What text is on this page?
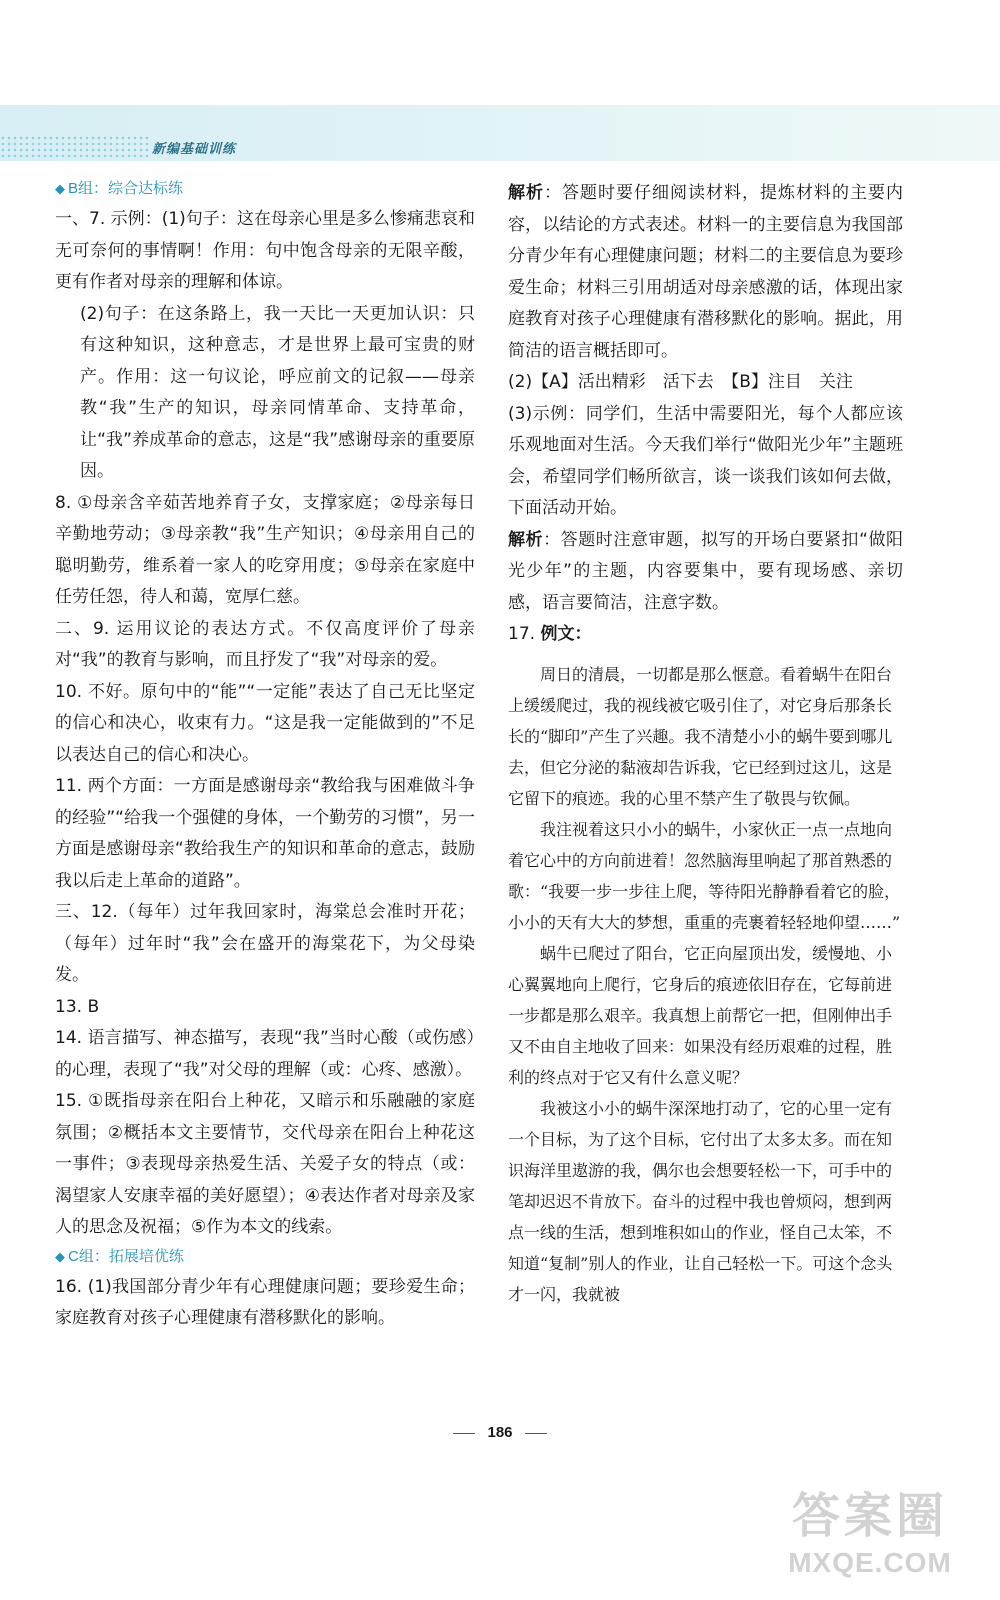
新编基础训练
◆ B组：综合达标练

一、7. 示例：(1)句子：这在母亲心里是多么惨痛悲哀和无可奈何的事情啊！作用：句中饱含母亲的无限辛酸，更有作者对母亲的理解和体谅。

(2)句子：在这条路上，我一天比一天更加认识：只有这种知识，这种意志，才是世界上最可宝贵的财产。作用：这一句议论，呼应前文的记叙——母亲教“我”生产的知识，母亲同情革命、支持革命，让“我”养成革命的意志，这是“我”感谢母亲的重要原因。

8. ①母亲含辛茹苦地养育子女，支撑家庭；②母亲每日辛勤地劳动；③母亲教“我”生产知识；④母亲用自己的聪明勤劳，维系着一家人的吃穿用度；⑤母亲在家庭中任劳任怨，待人和蔼，宽厚仁慈。

二、9. 运用议论的表达方式。不仅高度评价了母亲对“我”的教育与影响，而且抒发了“我”对母亲的爱。

10. 不好。原句中的“能”“一定能”表达了自己无比坚定的信心和决心，收束有力。“这是我一定能做到的”不足以表达自己的信心和决心。

11. 两个方面：一方面是感谢母亲“教给我与困难做斗争的经验”“给我一个强健的身体，一个勤劳的习惯”，另一方面是感谢母亲“教给我生产的知识和革命的意志，鼓励我以后走上革命的道路”。

三、12.（每年）过年我回家时，海棠总会准时开花；（每年）过年时“我”会在盛开的海棠花下，为父母染发。

13. B

14. 语言描写、神态描写，表现“我”当时心酸（或伤感）的心理，表现了“我”对父母的理解（或：心疼、感激）。

15. ①既指母亲在阳台上种花，又暗示和乐融融的家庭氛围；②概括本文主要情节，交代母亲在阳台上种花这一事件；③表现母亲热爱生活、关爱子女的特点（或：渴望家人安康幸福的美好愿望）；④表达作者对母亲及家人的思念及祝福；⑤作为本文的线索。

◆ C组：拓展培优练

16. (1)我国部分青少年有心理健康问题；要珍爱生命；家庭教育对孩子心理健康有潜移默化的影响。

解析：答题时要仔细阅读材料，提炼材料的主要内容，以结论的方式表述。材料一的主要信息为我国部分青少年有心理健康问题；材料二的主要信息为要珍爱生命；材料三引用胡适对母亲感激的话，体现出家庭教育对孩子心理健康有潜移默化的影响。据此，用简洁的语言概括即可。

(2)【A】活出精彩　活下去　【B】注目　关注

(3)示例：同学们，生活中需要阳光，每个人都应该乐观地面对生活。今天我们举行“做阳光少年”主题班会，希望同学们畅所欲言，谈一谈我们该如何去做，下面活动开始。

解析：答题时注意审题，拟写的开场白要紧扣“做阳光少年”的主题，内容要集中，要有现场感、亲切感，语言要简洁，注意字数。

17. 例文：

周日的清晨，一切都是那么惬意。看着蜗牛在阳台上缓缓爬过，我的视线被它吸引住了，对它身后那条长长的“脚印”产生了兴趣。我不清楚小小的蜗牛要到哪儿去，但它分泌的黏液却告诉我，它已经到过这儿，这是它留下的痕迹。我的心里不禁产生了敬畏与钦佩。

我注视着这只小小的蜗牛，小家伙正一点一点地向着它心中的方向前进着！忽然脑海里响起了那首熟悉的歌：“我要一步一步往上爬，等待阳光静静看着它的脸，小小的天有大大的梦想，重重的壳裹着轻轻地仰望……”

蜗牛已爬过了阳台，它正向屋顶出发，缓慢地、小心翼翼地向上爬行，它身后的痕迹依旧存在，它每前进一步都是那么艰辛。我真想上前帮它一把，但刚伸出手又不由自主地收了回来：如果没有经历艰难的过程，胜利的终点对于它又有什么意义呢？

我被这小小的蜗牛深深地打动了，它的心里一定有一个目标，为了这个目标，它付出了太多太多。而在知识海洋里遨游的我，偶尔也会想要轻松一下，可手中的笔却迟迟不肯放下。奋斗的过程中我也曾烦闷，想到两点一线的生活，想到堆积如山的作业，怪自己太笨，不知道“复制”别人的作业，让自己轻松一下。可这个念头才一闪，我就被

186
答案圈
MXQE.COM
